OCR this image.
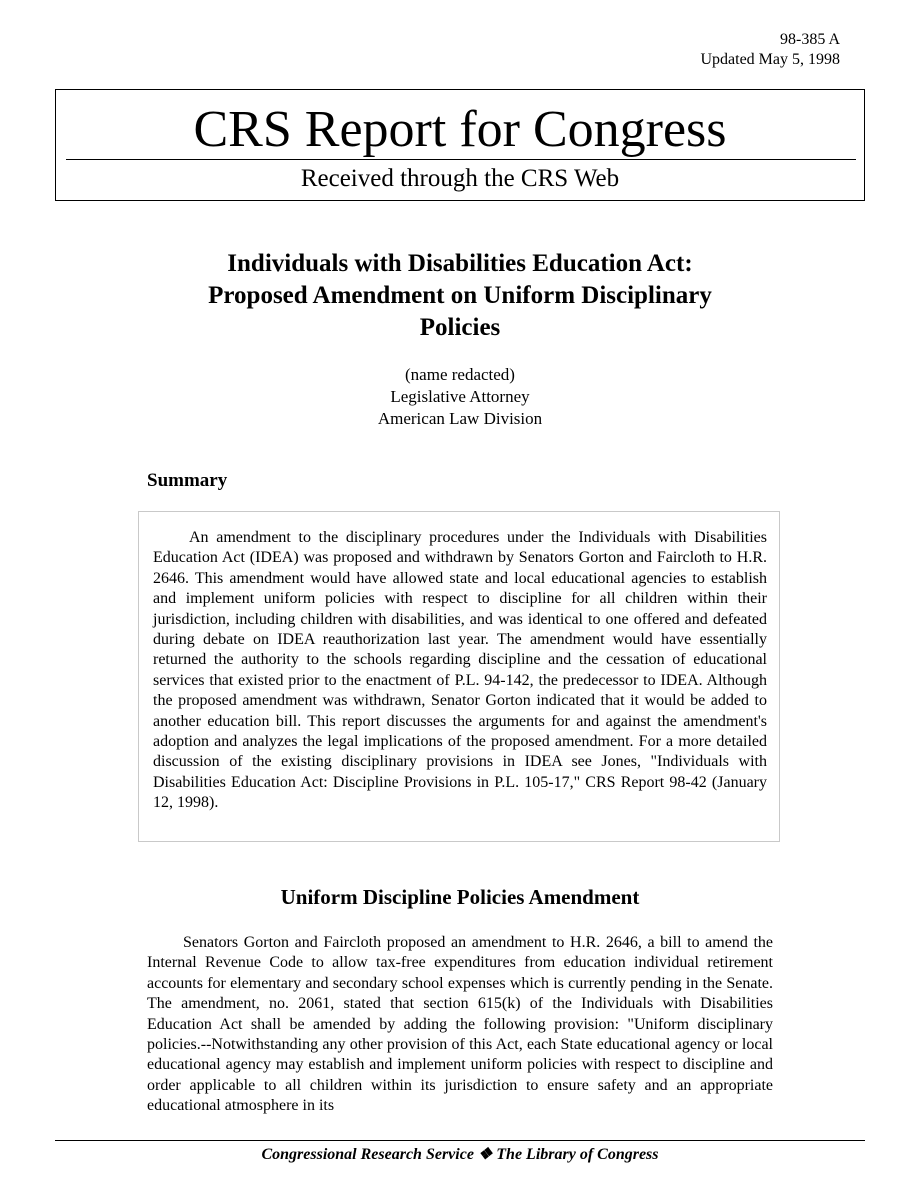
98-385 A
Updated May 5, 1998
CRS Report for Congress
Received through the CRS Web
Individuals with Disabilities Education Act:
Proposed Amendment on Uniform Disciplinary
Policies
(name redacted)
Legislative Attorney
American Law Division
Summary

An amendment to the disciplinary procedures under the Individuals with Disabilities Education Act (IDEA) was proposed and withdrawn by Senators Gorton and Faircloth to H.R. 2646. This amendment would have allowed state and local educational agencies to establish and implement uniform policies with respect to discipline for all children within their jurisdiction, including children with disabilities, and was identical to one offered and defeated during debate on IDEA reauthorization last year. The amendment would have essentially returned the authority to the schools regarding discipline and the cessation of educational services that existed prior to the enactment of P.L. 94-142, the predecessor to IDEA. Although the proposed amendment was withdrawn, Senator Gorton indicated that it would be added to another education bill. This report discusses the arguments for and against the amendment's adoption and analyzes the legal implications of the proposed amendment. For a more detailed discussion of the existing disciplinary provisions in IDEA see Jones, "Individuals with Disabilities Education Act: Discipline Provisions in P.L. 105-17," CRS Report 98-42 (January 12, 1998).

Uniform Discipline Policies Amendment

Senators Gorton and Faircloth proposed an amendment to H.R. 2646, a bill to amend the Internal Revenue Code to allow tax-free expenditures from education individual retirement accounts for elementary and secondary school expenses which is currently pending in the Senate. The amendment, no. 2061, stated that section 615(k) of the Individuals with Disabilities Education Act shall be amended by adding the following provision: "Uniform disciplinary policies.--Notwithstanding any other provision of this Act, each State educational agency or local educational agency may establish and implement uniform policies with respect to discipline and order applicable to all children within its jurisdiction to ensure safety and an appropriate educational atmosphere in its

Congressional Research Service ❖ The Library of Congress
